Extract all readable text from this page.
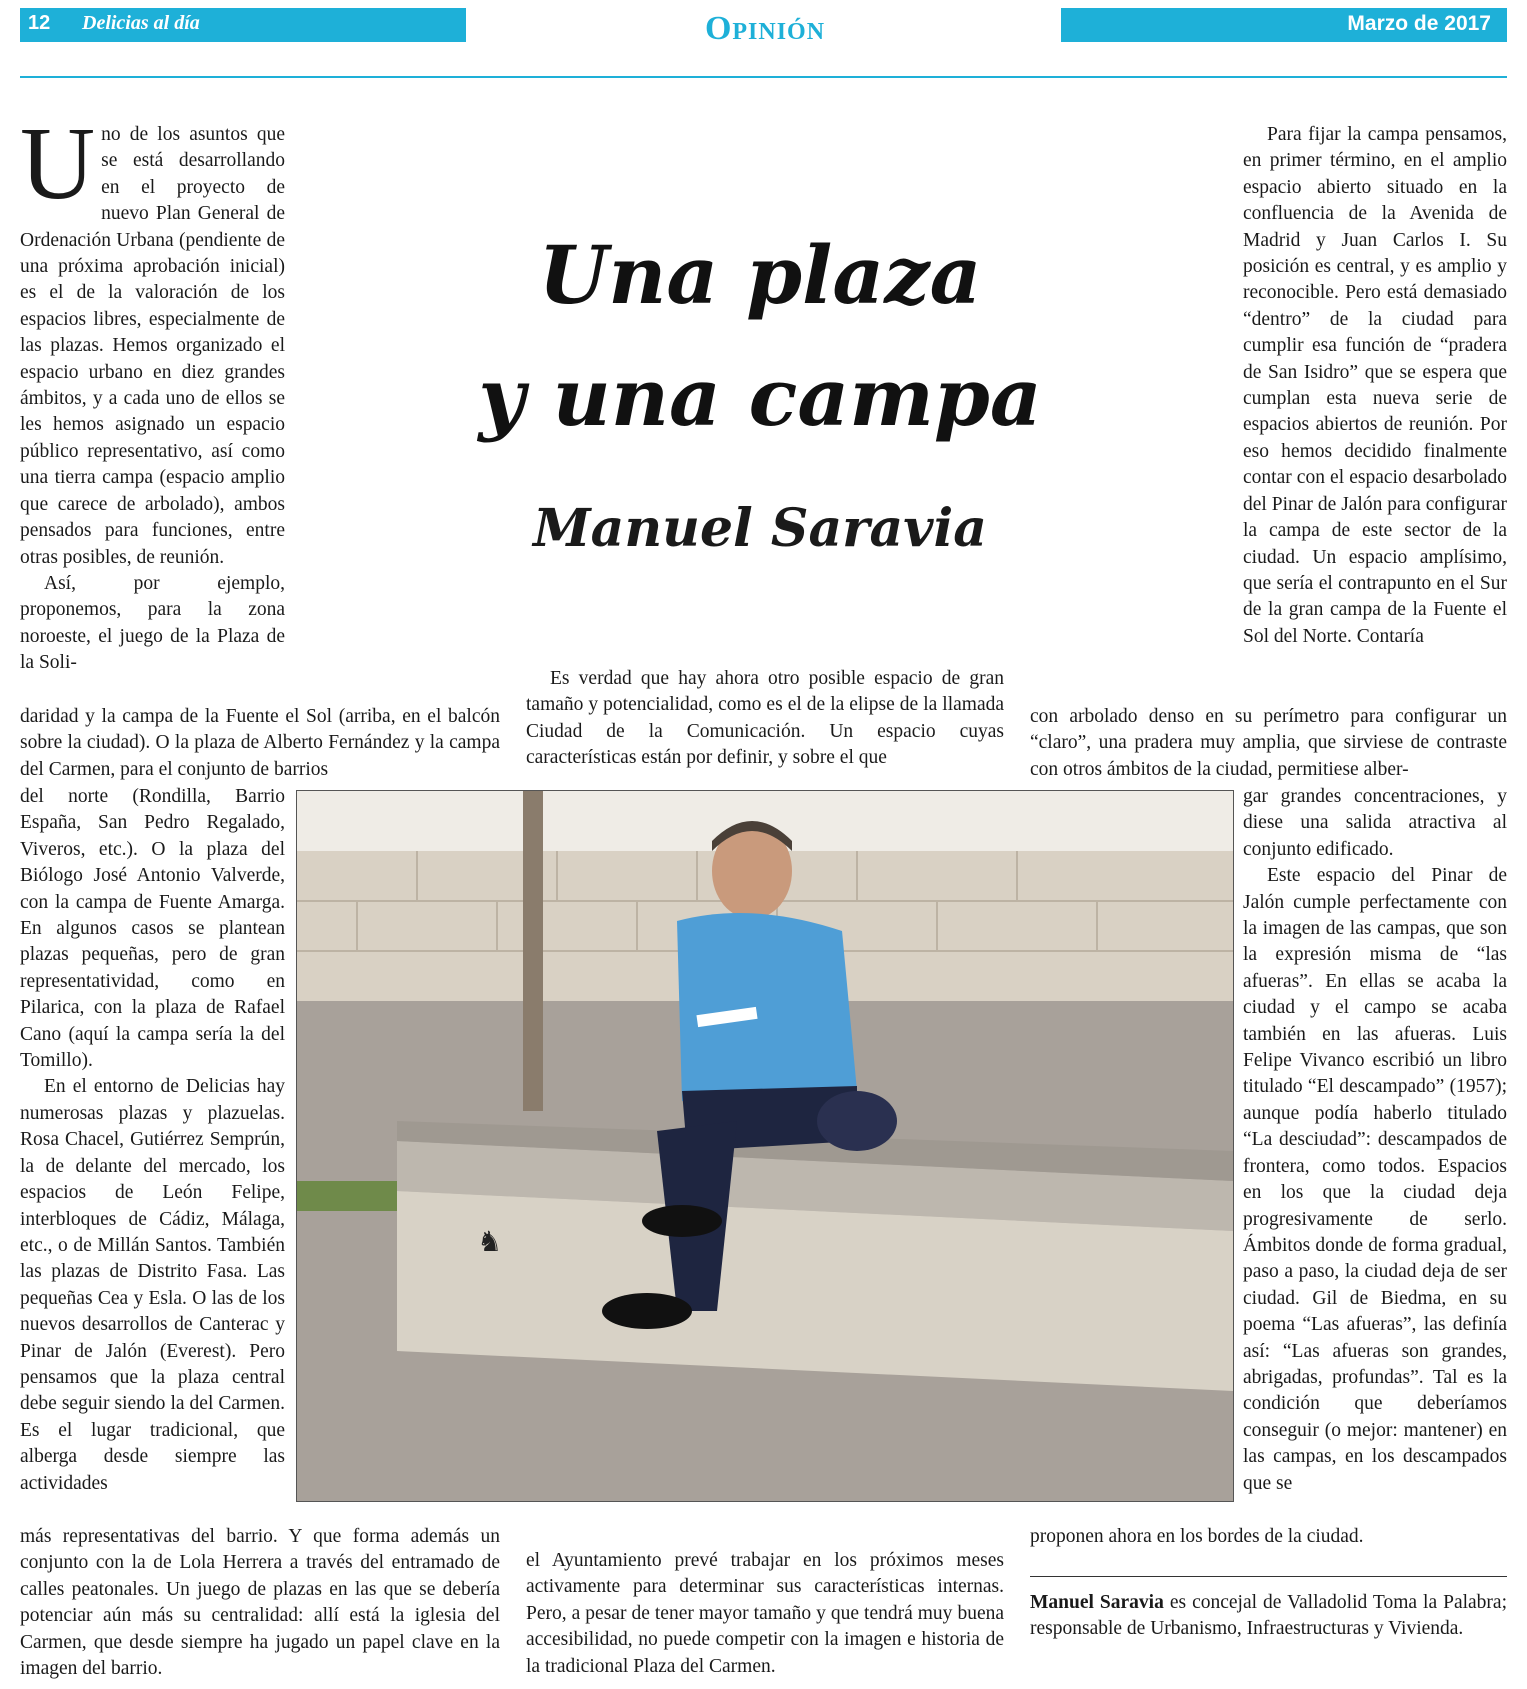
12 Delicias al día	Opinión	Marzo de 2017
Una plaza
y una campa
Manuel Saravia

Uno de los asuntos que se está desarrollando en el proyecto de nuevo Plan General de Ordenación Urbana (pendiente de una próxima aprobación inicial) es el de la valoración de los espacios libres, especialmente de las plazas. Hemos organizado el espacio urbano en diez grandes ámbitos, y a cada uno de ellos se les hemos asignado un espacio público representativo, así como una tierra campa (espacio amplio que carece de arbolado), ambos pensados para funciones, entre otras posibles, de reunión.

Así, por ejemplo, proponemos, para la zona noroeste, el juego de la Plaza de la Soli-

daridad y la campa de la Fuente el Sol (arriba, en el balcón sobre la ciudad). O la plaza de Alberto Fernández y la campa del Carmen, para el conjunto de barrios

del norte (Rondilla, Barrio España, San Pedro Regalado, Viveros, etc.). O la plaza del Biólogo José Antonio Valverde, con la campa de Fuente Amarga. En algunos casos se plantean plazas pequeñas, pero de gran representatividad, como en Pilarica, con la plaza de Rafael Cano (aquí la campa sería la del Tomillo).

En el entorno de Delicias hay numerosas plazas y plazuelas. Rosa Chacel, Gutiérrez Semprún, la de delante del mercado, los espacios de León Felipe, interbloques de Cádiz, Málaga, etc., o de Millán Santos. También las plazas de Distrito Fasa. Las pequeñas Cea y Esla. O las de los nuevos desarrollos de Canterac y Pinar de Jalón (Everest). Pero pensamos que la plaza central debe seguir siendo la del Carmen. Es el lugar tradicional, que alberga desde siempre las actividades

más representativas del barrio. Y que forma además un conjunto con la de Lola Herrera a través del entramado de calles peatonales. Un juego de plazas en las que se debería potenciar aún más su centralidad: allí está la iglesia del Carmen, que desde siempre ha jugado un papel clave en la imagen del barrio.

Es verdad que hay ahora otro posible espacio de gran tamaño y potencialidad, como es el de la elipse de la llamada Ciudad de la Comunicación. Un espacio cuyas características están por definir, y sobre el que

el Ayuntamiento prevé trabajar en los próximos meses activamente para determinar sus características internas. Pero, a pesar de tener mayor tamaño y que tendrá muy buena accesibilidad, no puede competir con la imagen e historia de la tradicional Plaza del Carmen.

Para fijar la campa pensamos, en primer término, en el amplio espacio abierto situado en la confluencia de la Avenida de Madrid y Juan Carlos I. Su posición es central, y es amplio y reconocible. Pero está demasiado “dentro” de la ciudad para cumplir esa función de “pradera de San Isidro” que se espera que cumplan esta nueva serie de espacios abiertos de reunión. Por eso hemos decidido finalmente contar con el espacio desarbolado del Pinar de Jalón para configurar la campa de este sector de la ciudad. Un espacio amplísimo, que sería el contrapunto en el Sur de la gran campa de la Fuente el Sol del Norte. Contaría

con arbolado denso en su perímetro para configurar un “claro”, una pradera muy amplia, que sirviese de contraste con otros ámbitos de la ciudad, permitiese alber-

gar grandes concentraciones, y diese una salida atractiva al conjunto edificado.

Este espacio del Pinar de Jalón cumple perfectamente con la imagen de las campas, que son la expresión misma de “las afueras”. En ellas se acaba la ciudad y el campo se acaba también en las afueras. Luis Felipe Vivanco escribió un libro titulado “El descampado” (1957); aunque podía haberlo titulado “La desciudad”: descampados de frontera, como todos. Espacios en los que la ciudad deja progresivamente de serlo. Ámbitos donde de forma gradual, paso a paso, la ciudad deja de ser ciudad. Gil de Biedma, en su poema “Las afueras”, las definía así: “Las afueras son grandes, abrigadas, profundas”. Tal es la condición que deberíamos conseguir (o mejor: mantener) en las campas, en los descampados que se

proponen ahora en los bordes de la ciudad.

Manuel Saravia es concejal de Valladolid Toma la Palabra; responsable de Urbanismo, Infraestructuras y Vivienda.

♞
